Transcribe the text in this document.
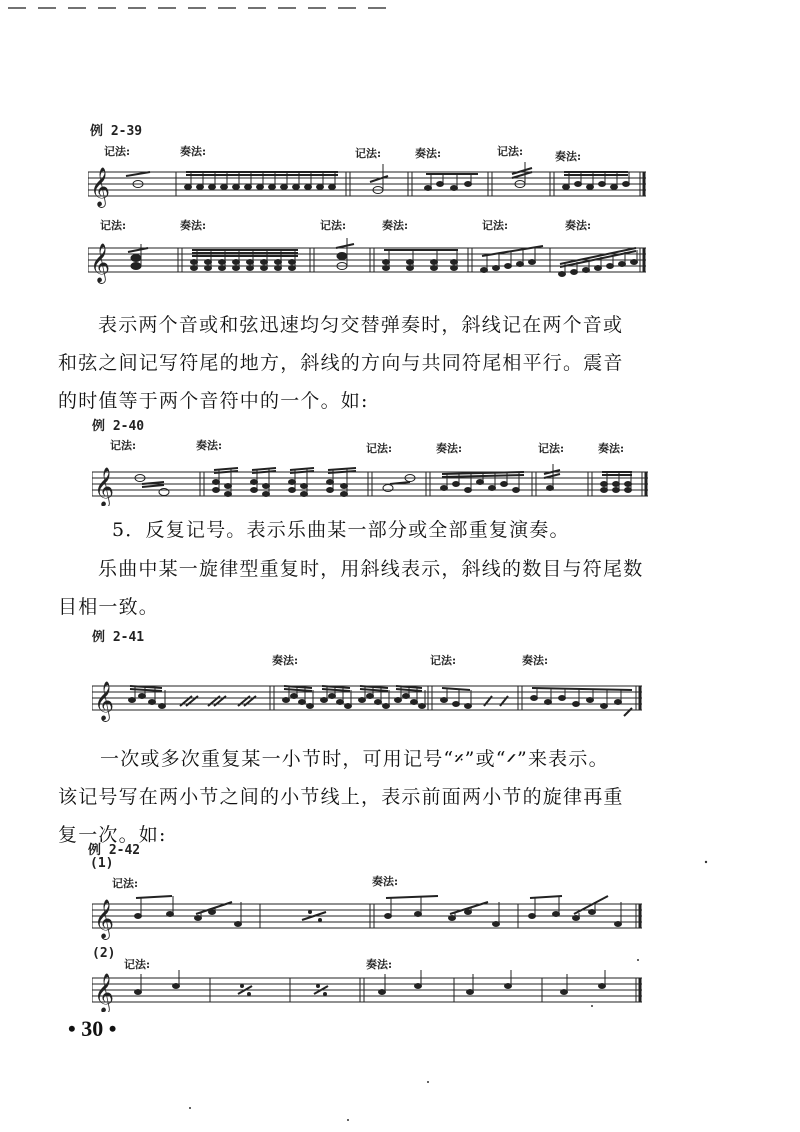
例 2-39
记法:	奏法:	记法:	奏法:	记法:	奏法:
𝄞
记法:	奏法:	记法:	奏法:	记法:	奏法:
𝄞
表示两个音或和弦迅速均匀交替弹奏时，斜线记在两个音或
和弦之间记写符尾的地方，斜线的方向与共同符尾相平行。震音
的时值等于两个音符中的一个。如:
例 2-40
记法:	奏法:	记法:	奏法:	记法:	奏法:
𝄞
5．反复记号。表示乐曲某一部分或全部重复演奏。
乐曲中某一旋律型重复时，用斜线表示，斜线的数目与符尾数
目相一致。
例 2-41
奏法:	记法:	奏法:
𝄞
一次或多次重复某一小节时，可用记号“𝄎”或“𝄍”来表示。
该记号写在两小节之间的小节线上，表示前面两小节的旋律再重
复一次。如:
例 2-42
(1)
记法:	奏法:
𝄞
(2)
记法:	奏法:
𝄞
• 30 •
